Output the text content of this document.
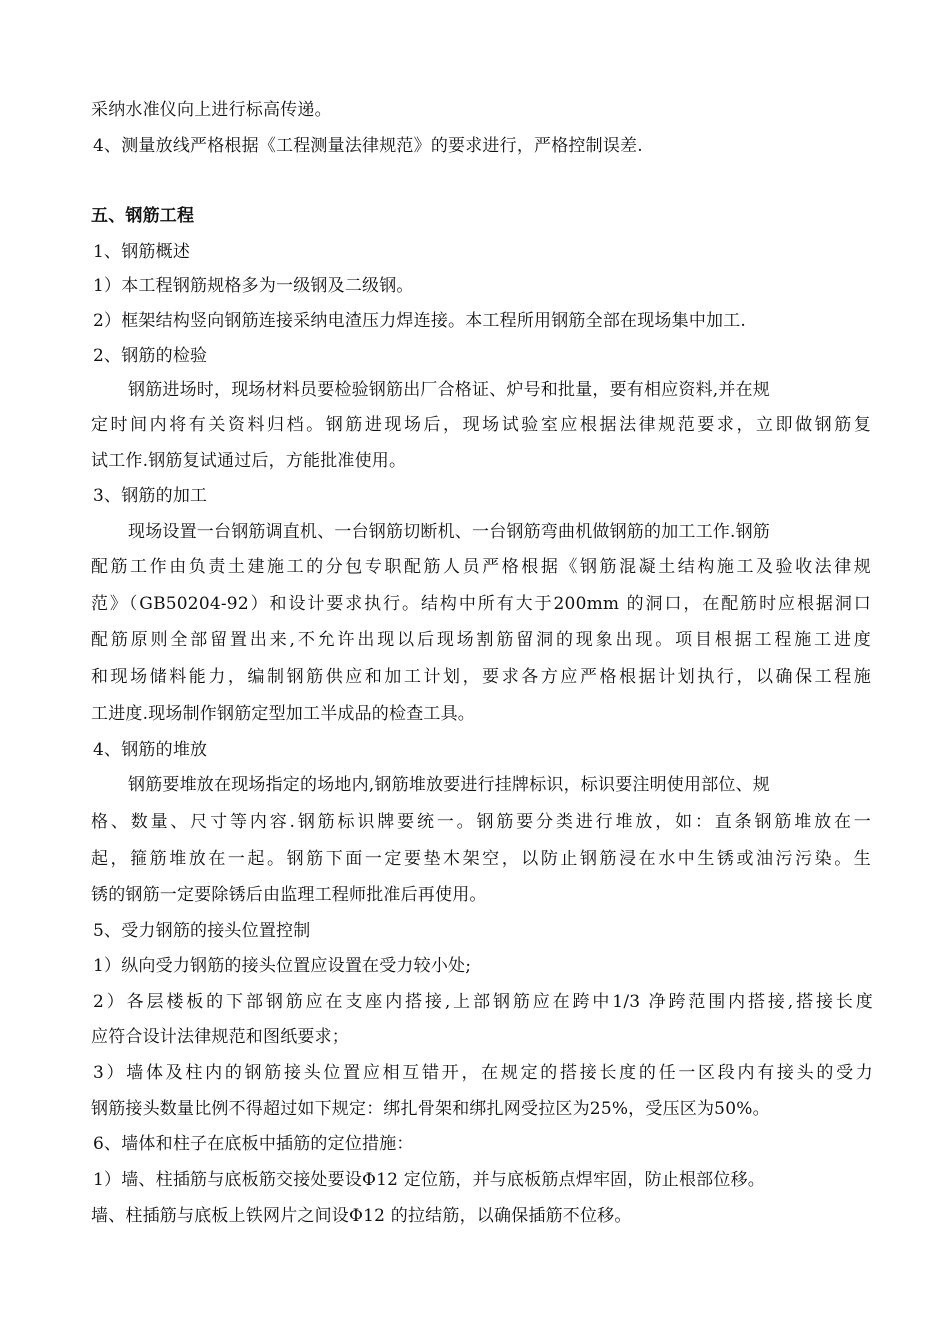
采纳水准仪向上进行标高传递。
4、测量放线严格根据《工程测量法律规范》的要求进行，严格控制误差.
五、钢筋工程
1、钢筋概述
1）本工程钢筋规格多为一级钢及二级钢。
2）框架结构竖向钢筋连接采纳电渣压力焊连接。本工程所用钢筋全部在现场集中加工.
2、钢筋的检验
钢筋进场时，现场材料员要检验钢筋出厂合格证、炉号和批量，要有相应资料,并在规
定时间内将有关资料归档。钢筋进现场后，现场试验室应根据法律规范要求，立即做钢筋复
试工作.钢筋复试通过后，方能批准使用。
3、钢筋的加工
现场设置一台钢筋调直机、一台钢筋切断机、一台钢筋弯曲机做钢筋的加工工作.钢筋
配筋工作由负责土建施工的分包专职配筋人员严格根据《钢筋混凝土结构施工及验收法律规
范》（GB50204-92）和设计要求执行。结构中所有大于200mm 的洞口，在配筋时应根据洞口
配筋原则全部留置出来,不允许出现以后现场割筋留洞的现象出现。项目根据工程施工进度
和现场储料能力，编制钢筋供应和加工计划，要求各方应严格根据计划执行，以确保工程施
工进度.现场制作钢筋定型加工半成品的检查工具。
4、钢筋的堆放
钢筋要堆放在现场指定的场地内,钢筋堆放要进行挂牌标识，标识要注明使用部位、规
格、数量、尺寸等内容.钢筋标识牌要统一。钢筋要分类进行堆放，如：直条钢筋堆放在一
起，箍筋堆放在一起。钢筋下面一定要垫木架空，以防止钢筋浸在水中生锈或油污污染。生
锈的钢筋一定要除锈后由监理工程师批准后再使用。
5、受力钢筋的接头位置控制
1）纵向受力钢筋的接头位置应设置在受力较小处;
2）各层楼板的下部钢筋应在支座内搭接,上部钢筋应在跨中1/3 净跨范围内搭接,搭接长度
应符合设计法律规范和图纸要求；
3）墙体及柱内的钢筋接头位置应相互错开，在规定的搭接长度的任一区段内有接头的受力
钢筋接头数量比例不得超过如下规定：绑扎骨架和绑扎网受拉区为25%，受压区为50%。
6、墙体和柱子在底板中插筋的定位措施：
1）墙、柱插筋与底板筋交接处要设Φ12 定位筋，并与底板筋点焊牢固，防止根部位移。
墙、柱插筋与底板上铁网片之间设Φ12 的拉结筋，以确保插筋不位移。
